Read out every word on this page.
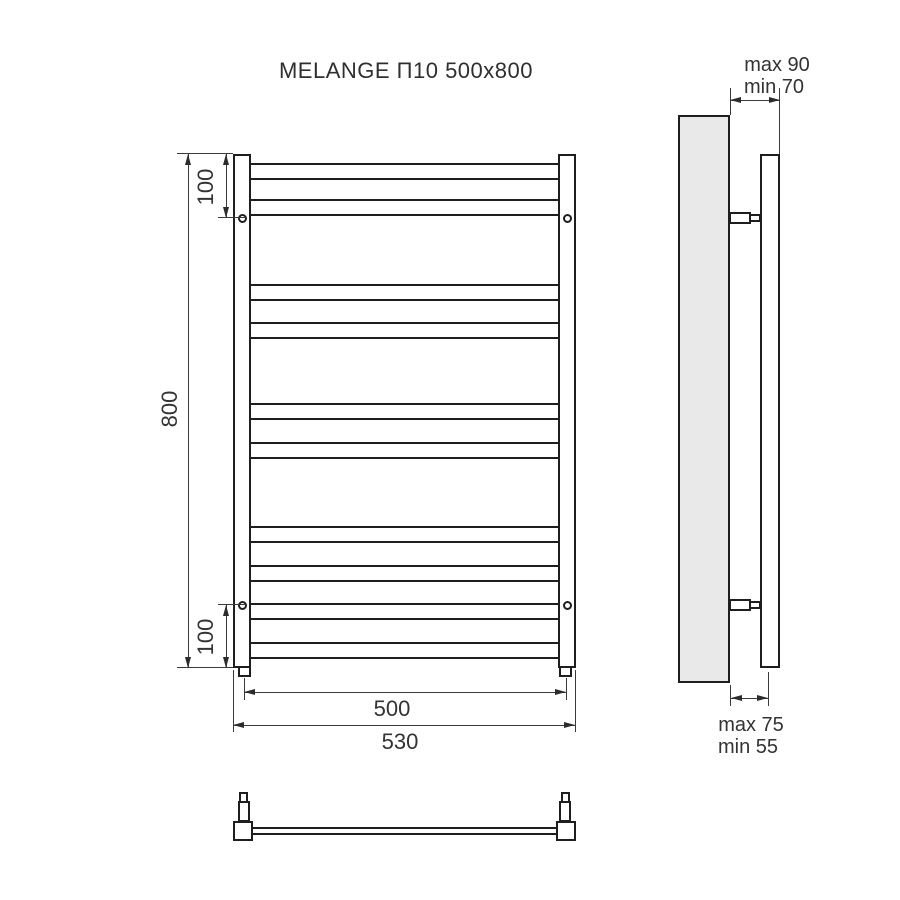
MELANGE П10 500x800
800
100
100
500
530
max 90
min 70
max 75
min 55
